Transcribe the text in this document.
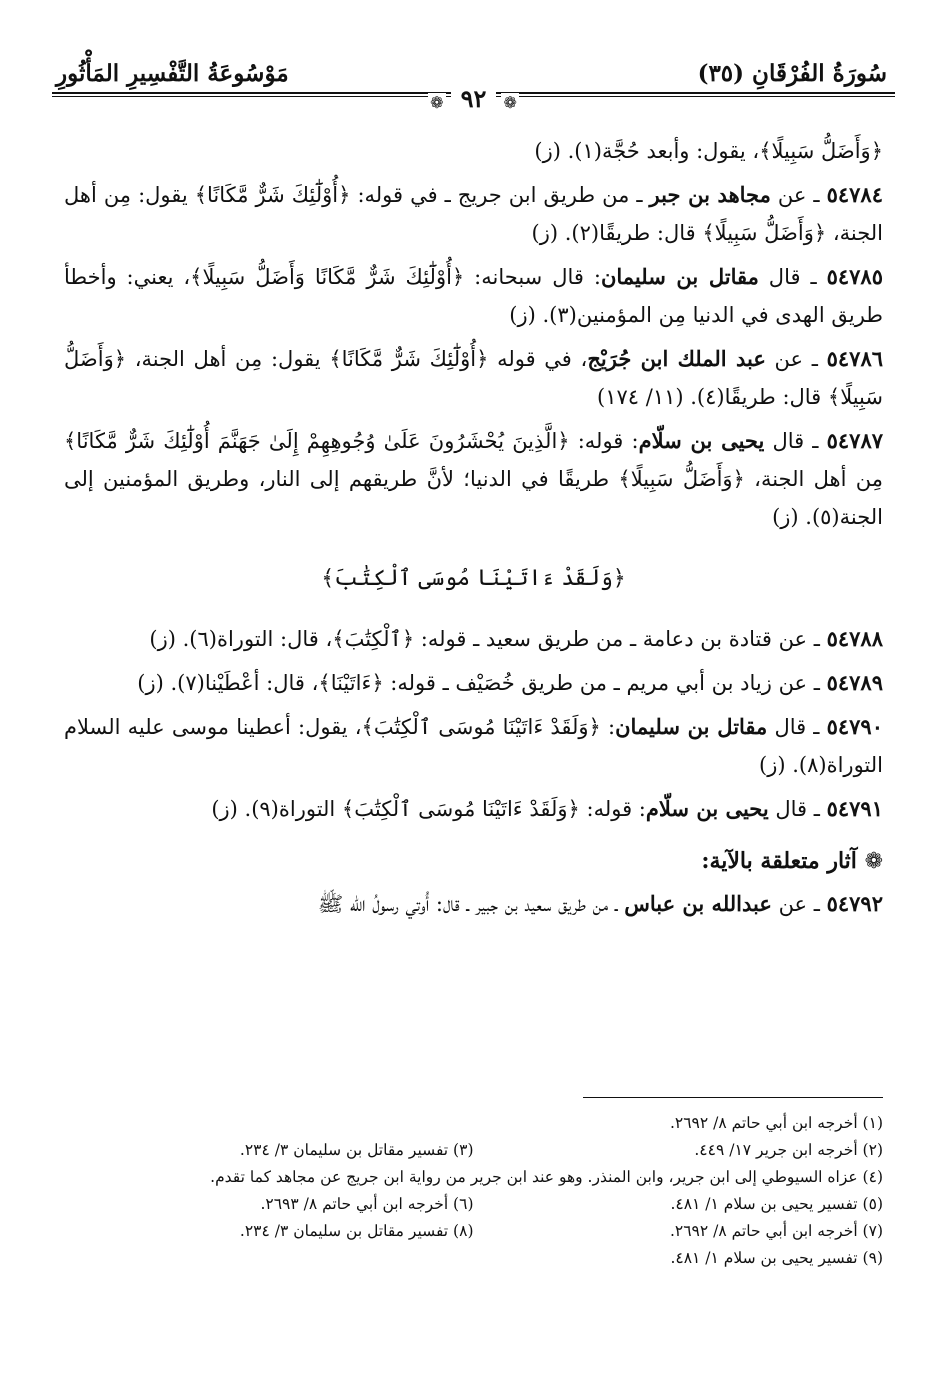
سُورَةُ الفُرْقَانِ (٣٥)
مَوْسُوعَةُ التَّفْسِيرِ المَأْثُورِ
❁ ٩٢ ❁

﴿وَأَضَلُّ سَبِيلًا﴾، يقول: وأبعد حُجَّة(١). (ز)

٥٤٧٨٤ ـ عن مجاهد بن جبر ـ من طريق ابن جريج ـ في قوله: ﴿أُوْلَٰٓئِكَ شَرٌّ مَّكَانًا﴾ يقول: مِن أهل الجنة، ﴿وَأَضَلُّ سَبِيلًا﴾ قال: طريقًا(٢). (ز)

٥٤٧٨٥ ـ قال مقاتل بن سليمان: قال سبحانه: ﴿أُوْلَٰٓئِكَ شَرٌّ مَّكَانًا وَأَضَلُّ سَبِيلًا﴾، يعني: وأخطأ طريق الهدى في الدنيا مِن المؤمنين(٣). (ز)

٥٤٧٨٦ ـ عن عبد الملك ابن جُرَيْج، في قوله ﴿أُوْلَٰٓئِكَ شَرٌّ مَّكَانًا﴾ يقول: مِن أهل الجنة، ﴿وَأَضَلُّ سَبِيلًا﴾ قال: طريقًا(٤). (١١/ ١٧٤)

٥٤٧٨٧ ـ قال يحيى بن سلّام: قوله: ﴿الَّذِينَ يُحْشَرُونَ عَلَىٰ وُجُوهِهِمْ إِلَىٰ جَهَنَّمَ أُوْلَٰٓئِكَ شَرٌّ مَّكَانًا﴾ مِن أهل الجنة، ﴿وَأَضَلُّ سَبِيلًا﴾ طريقًا في الدنيا؛ لأنَّ طريقهم إلى النار، وطريق المؤمنين إلى الجنة(٥). (ز)

﴿وَلَقَدْ ءَاتَيْنَا مُوسَى ٱلْكِتَٰبَ﴾

٥٤٧٨٨ ـ عن قتادة بن دعامة ـ من طريق سعيد ـ قوله: ﴿ٱلْكِتَٰبَ﴾، قال: التوراة(٦). (ز)

٥٤٧٨٩ ـ عن زياد بن أبي مريم ـ من طريق خُصَيْف ـ قوله: ﴿ءَاتَيْنَا﴾، قال: أعْطَيْنا(٧). (ز)

٥٤٧٩٠ ـ قال مقاتل بن سليمان: ﴿وَلَقَدْ ءَاتَيْنَا مُوسَى ٱلْكِتَٰبَ﴾، يقول: أعطينا موسى عليه السلام التوراة(٨). (ز)

٥٤٧٩١ ـ قال يحيى بن سلّام: قوله: ﴿وَلَقَدْ ءَاتَيْنَا مُوسَى ٱلْكِتَٰبَ﴾ التوراة(٩). (ز)

❁ آثار متعلقة بالآية:

٥٤٧٩٢ ـ عن عبدالله بن عباس ـ من طريق سعيد بن جبير ـ قال: أُوتي رسولُ الله ﷺ

(١) أخرجه ابن أبي حاتم ٨/ ٢٦٩٢.
(٢) أخرجه ابن جرير ١٧/ ٤٤٩.
(٣) تفسير مقاتل بن سليمان ٣/ ٢٣٤.
(٤) عزاه السيوطي إلى ابن جرير، وابن المنذر. وهو عند ابن جرير من رواية ابن جريج عن مجاهد كما تقدم.
(٥) تفسير يحيى بن سلام ١/ ٤٨١.
(٦) أخرجه ابن أبي حاتم ٨/ ٢٦٩٣.
(٧) أخرجه ابن أبي حاتم ٨/ ٢٦٩٢.
(٨) تفسير مقاتل بن سليمان ٣/ ٢٣٤.
(٩) تفسير يحيى بن سلام ١/ ٤٨١.
